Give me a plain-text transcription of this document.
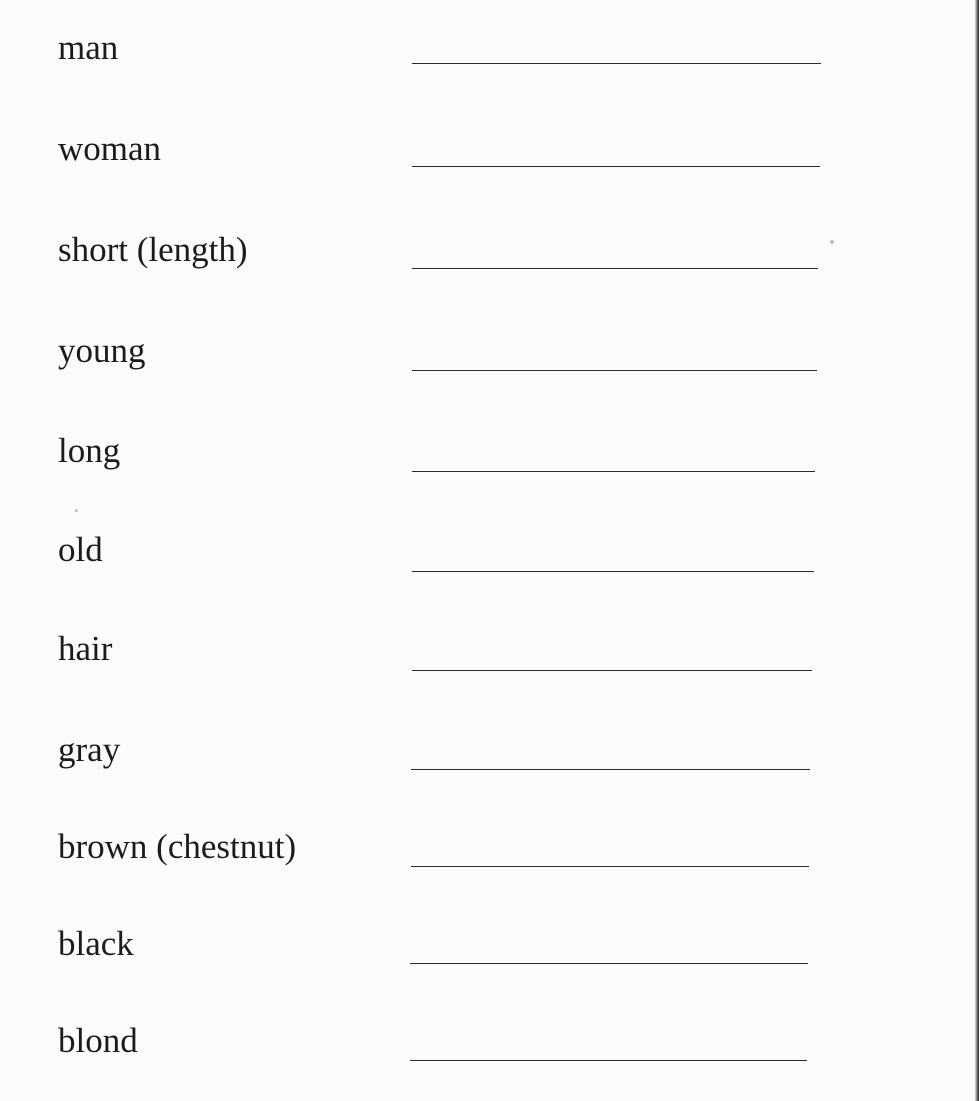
man
woman
short (length)
young
long
old
hair
gray
brown (chestnut)
black
blond
